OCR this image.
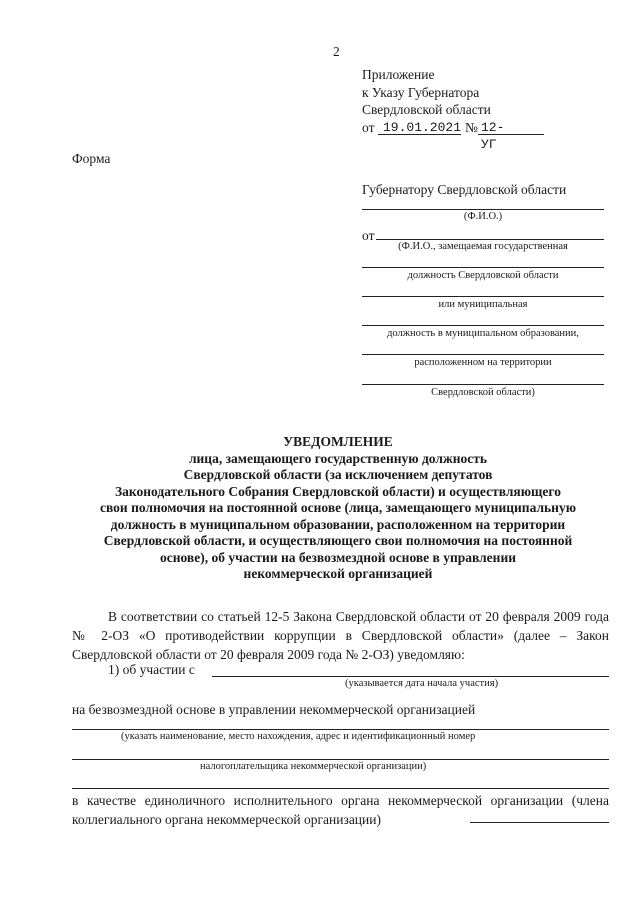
2
Приложение
к Указу Губернатора
Свердловской области
от 19.01.2021 № 12-УГ
Форма
Губернатору Свердловской области
(Ф.И.О.)
от
(Ф.И.О., замещаемая государственная
должность Свердловской области
или муниципальная
должность в муниципальном образовании,
расположенном на территории
Свердловской области)
УВЕДОМЛЕНИЕ
лица, замещающего государственную должность
Свердловской области (за исключением депутатов
Законодательного Собрания Свердловской области) и осуществляющего
свои полномочия на постоянной основе (лица, замещающего муниципальную
должность в муниципальном образовании, расположенном на территории
Свердловской области, и осуществляющего свои полномочия на постоянной
основе), об участии на безвозмездной основе в управлении
некоммерческой организацией
В соответствии со статьей 12-5 Закона Свердловской области от 20 февраля 2009 года № 2-ОЗ «О противодействии коррупции в Свердловской области» (далее – Закон Свердловской области от 20 февраля 2009 года № 2-ОЗ) уведомляю:
1) об участии с
(указывается дата начала участия)
на безвозмездной основе в управлении некоммерческой организацией
(указать наименование, место нахождения, адрес и идентификационный номер
налогоплательщика некоммерческой организации)
в качестве единоличного исполнительного органа некоммерческой организации (члена коллегиального органа некоммерческой организации)
